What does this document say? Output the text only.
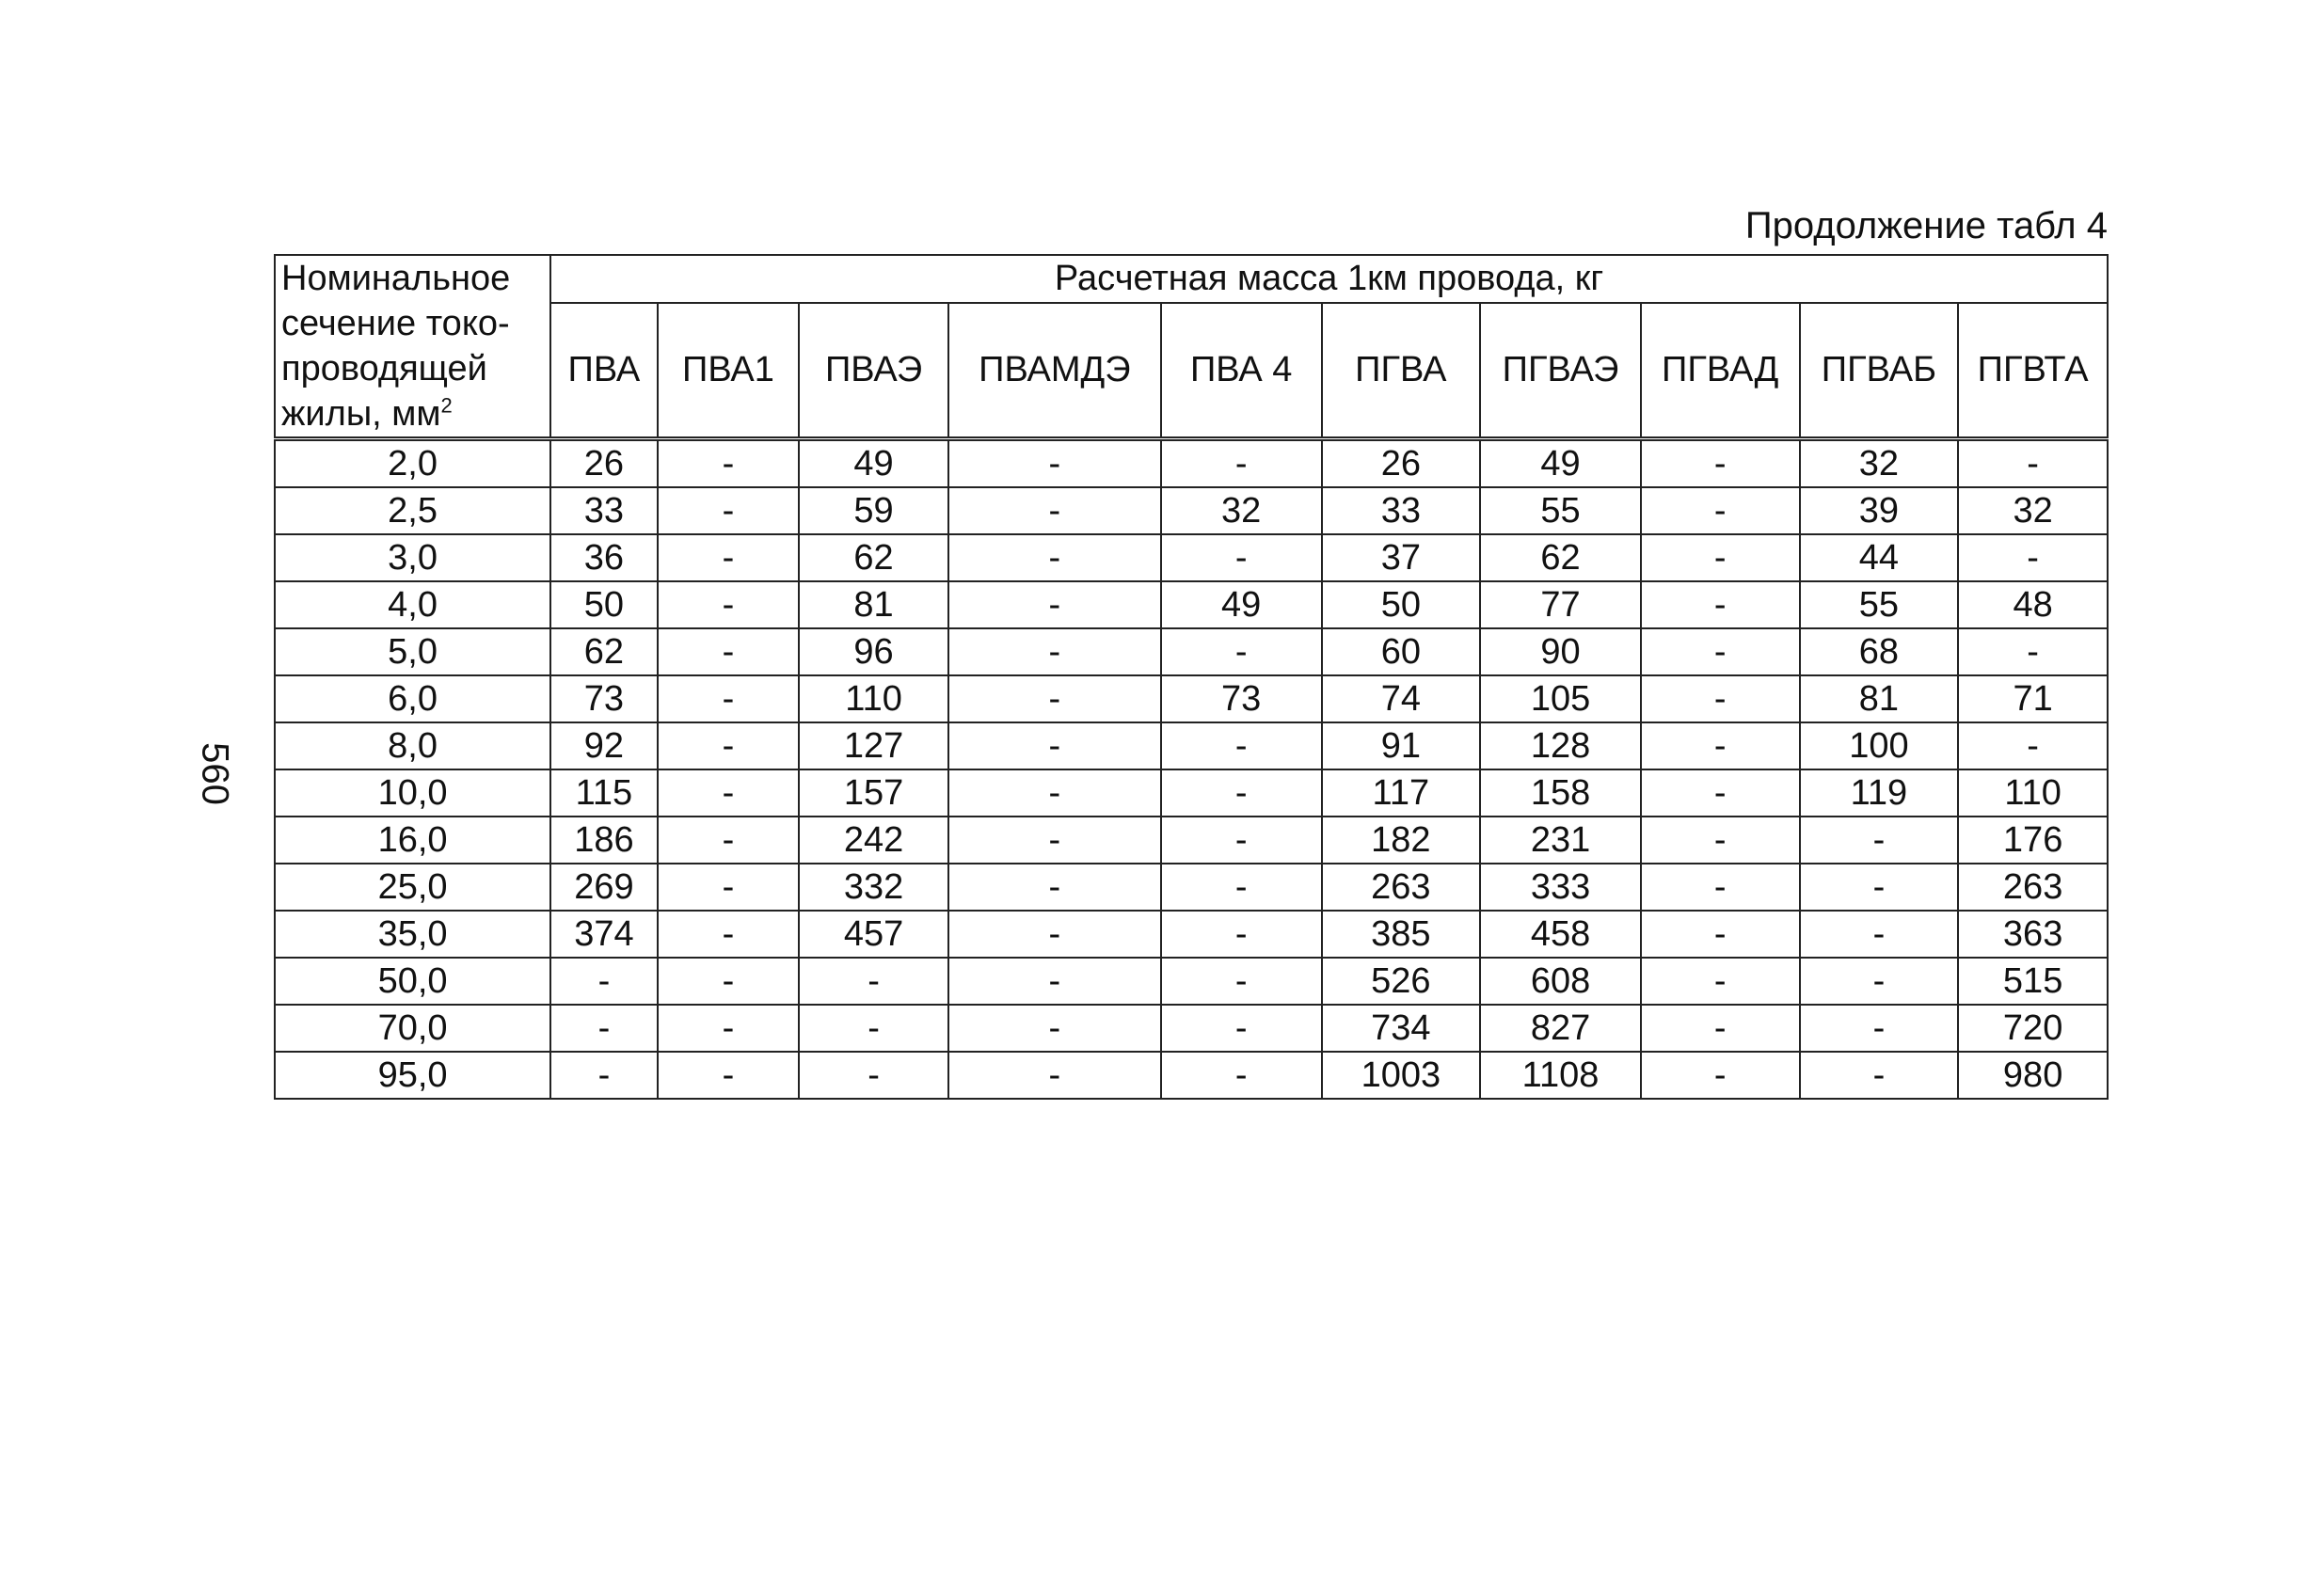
560
Продолжение табл 4
Номинальное сечение токо-проводящей жилы, $мм^2$	Расчетная масса 1км провода, кг									
	ПВА	ПВА1	ПВАЭ	ПВАМДЭ	ПВА 4	ПГВА	ПГВАЭ	ПГВАД	ПГВАБ	ПГВТА
2,0	26	-	49	-	-	26	49	-	32	-
2,5	33	-	59	-	32	33	55	-	39	32
3,0	36	-	62	-	-	37	62	-	44	-
4,0	50	-	81	-	49	50	77	-	55	48
5,0	62	-	96	-	-	60	90	-	68	-
6,0	73	-	110	-	73	74	105	-	81	71
8,0	92	-	127	-	-	91	128	-	100	-
10,0	115	-	157	-	-	117	158	-	119	110
16,0	186	-	242	-	-	182	231	-	-	176
25,0	269	-	332	-	-	263	333	-	-	263
35,0	374	-	457	-	-	385	458	-	-	363
50,0	-	-	-	-	-	526	608	-	-	515
70,0	-	-	-	-	-	734	827	-	-	720
95,0	-	-	-	-	-	1003	1108	-	-	980
